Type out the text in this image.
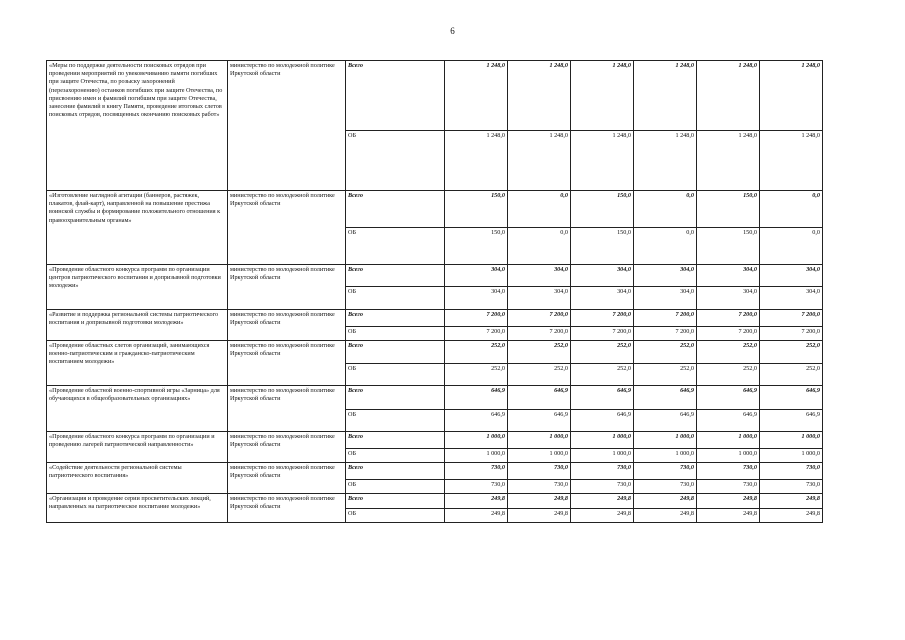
6
«Меры по поддержке деятельности поисковых отрядов при проведении мероприятий по увековечиванию памяти погибших при защите Отечества, по розыску захоронений (перезахоронению) останков погибших при защите Отечества, по присвоению имен и фамилий погибшим при защите Отечества, занесение фамилий в книгу Памяти, проведение итоговых слетов поисковых отрядов, посвященных окончанию поисковых работ»	министерство по молодежной политике Иркутской области	Всего	1 248,0	1 248,0	1 248,0	1 248,0	1 248,0	1 248,0
		ОБ	1 248,0	1 248,0	1 248,0	1 248,0	1 248,0	1 248,0
«Изготовление наглядной агитации (баннеров, растяжек, плакатов, флай-карт), направленной на повышение престижа воинской службы и формирование положительного отношения к правоохранительным органам»	министерство по молодежной политике Иркутской области	Всего	150,0	0,0	150,0	0,0	150,0	0,0
		ОБ	150,0	0,0	150,0	0,0	150,0	0,0
«Проведение областного конкурса программ по организации центров патриотического воспитания и допризывной подготовки молодежи»	министерство по молодежной политике Иркутской области	Всего	304,0	304,0	304,0	304,0	304,0	304,0
		ОБ	304,0	304,0	304,0	304,0	304,0	304,0
«Развитие и поддержка региональной системы патриотического воспитания и допризывной подготовки молодежи»	министерство по молодежной политике Иркутской области	Всего	7 200,0	7 200,0	7 200,0	7 200,0	7 200,0	7 200,0
		ОБ	7 200,0	7 200,0	7 200,0	7 200,0	7 200,0	7 200,0
«Проведение областных слетов организаций, занимающихся военно-патриотическим и гражданско-патриотическим воспитанием молодежи»	министерство по молодежной политике Иркутской области	Всего	252,0	252,0	252,0	252,0	252,0	252,0
		ОБ	252,0	252,0	252,0	252,0	252,0	252,0
«Проведение областной военно-спортивной игры «Зарница» для обучающихся в общеобразовательных организациях»	министерство по молодежной политике Иркутской области	Всего	646,9	646,9	646,9	646,9	646,9	646,9
		ОБ	646,9	646,9	646,9	646,9	646,9	646,9
«Проведение областного конкурса программ по организации и проведению лагерей патриотической направленности»	министерство по молодежной политике Иркутской области	Всего	1 000,0	1 000,0	1 000,0	1 000,0	1 000,0	1 000,0
		ОБ	1 000,0	1 000,0	1 000,0	1 000,0	1 000,0	1 000,0
«Содействие деятельности региональной системы патриотического воспитания»	министерство по молодежной политике Иркутской области	Всего	730,0	730,0	730,0	730,0	730,0	730,0
		ОБ	730,0	730,0	730,0	730,0	730,0	730,0
«Организация и проведение серии просветительских лекций, направленных на патриотическое воспитание молодежи»	министерство по молодежной политике Иркутской области	Всего	249,8	249,8	249,8	249,8	249,8	249,8
		ОБ	249,8	249,8	249,8	249,8	249,8	249,8
